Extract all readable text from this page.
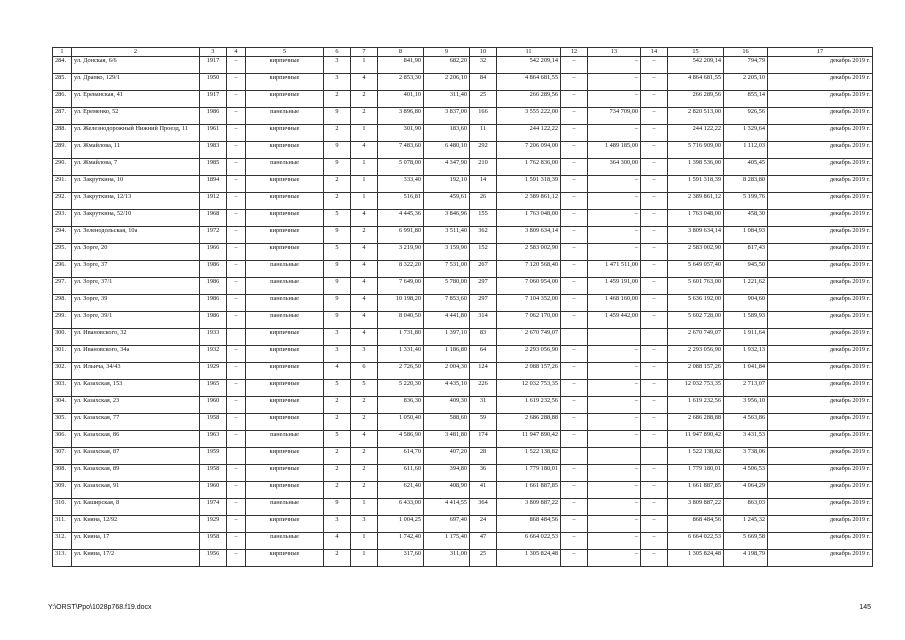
1	2	3	4	5	6	7	8	9	10	11	12	13	14	15	16	17
284.	ул. Донская, 6/6	1917	–	кирпичные	3	1	841,90	682,20	32	542 209,14	–	–	–	542 209,14	794,79	декабрь 2019 г.
285.	ул. Драпко, 129/1	1950	–	кирпичные	3	4	2 853,30	2 206,10	84	4 864 681,55	–	–	–	4 864 681,55	2 205,10	декабрь 2019 г.
286.	ул. Ереванская, 41	1917	–	кирпичные	2	2	401,10	311,40	25	266 289,56	–	–	–	266 289,56	855,14	декабрь 2019 г.
287.	ул. Еременко, 52	1986	–	панельные	9	2	3 896,80	3 837,00	166	3 555 222,00	–	734 709,00	–	2 820 513,00	926,56	декабрь 2019 г.
288.	ул. Железнодорожный Нижний Проезд, 11	1961	–	кирпичные	2	1	301,90	183,60	11	244 122,22	–	–	–	244 122,22	1 329,64	декабрь 2019 г.
289.	ул. Жмайлова, 11	1983	–	кирпичные	9	4	7 483,60	6 480,10	292	7 206 094,00	–	1 489 185,00	–	5 716 909,00	1 112,03	декабрь 2019 г.
290.	ул. Жмайлова, 7	1985	–	панельные	9	1	5 078,00	4 347,90	210	1 762 836,00	–	364 300,00	–	1 398 536,00	405,45	декабрь 2019 г.
291.	ул. Закруткина, 10	1894	–	кирпичные	2	1	333,40	192,10	14	1 591 318,39	–	–	–	1 591 318,39	8 283,80	декабрь 2019 г.
292.	ул. Закруткина, 12/13	1912	–	кирпичные	2	1	516,81	459,61	26	2 389 861,12	–	–	–	2 389 861,12	5 199,76	декабрь 2019 г.
293.	ул. Закруткина, 52/10	1968	–	кирпичные	5	4	4 445,36	3 846,96	155	1 763 048,00	–	–	–	1 763 048,00	458,30	декабрь 2019 г.
294.	ул. Зеленодольская, 10а	1972	–	кирпичные	9	2	6 991,80	3 511,40	362	3 809 634,14	–	–	–	3 809 634,14	1 084,93	декабрь 2019 г.
295.	ул. Зорге, 20	1966	–	кирпичные	5	4	3 219,90	3 159,90	152	2 583 002,90	–	–	–	2 583 002,90	817,43	декабрь 2019 г.
296.	ул. Зорге, 37	1986	–	панельные	9	4	8 322,20	7 531,00	267	7 120 568,40	–	1 471 511,00	–	5 649 057,40	945,50	декабрь 2019 г.
297.	ул. Зорге, 37/1	1986	–	панельные	9	4	7 649,00	5 780,00	297	7 060 954,00	–	1 459 191,00	–	5 601 763,00	1 221,62	декабрь 2019 г.
298.	ул. Зорге, 39	1986	–	панельные	9	4	10 198,20	7 853,60	297	7 104 352,00	–	1 468 160,00	–	5 636 192,00	904,60	декабрь 2019 г.
299.	ул. Зорге, 39/1	1986	–	панельные	9	4	8 040,50	4 441,80	314	7 062 170,00	–	1 459 442,00	–	5 602 728,00	1 589,93	декабрь 2019 г.
300.	ул. Ивановского, 32	1933		кирпичные	3	4	1 731,80	1 397,10	83	2 670 749,07				2 670 749,07	1 911,64	декабрь 2019 г.
301.	ул. Ивановского, 34а	1932	–	кирпичные	3	3	1 331,40	1 186,80	64	2 293 056,90	–	–	–	2 293 056,90	1 932,13	декабрь 2019 г.
302.	ул. Ильича, 34/43	1929	–	кирпичные	4	6	2 726,50	2 004,30	124	2 088 157,26	–	–	–	2 088 157,26	1 041,84	декабрь 2019 г.
303.	ул. Казахская, 153	1965	–	кирпичные	5	5	5 220,30	4 435,10	226	12 032 753,35	–	–	–	12 032 753,35	2 713,07	декабрь 2019 г.
304.	ул. Казахская, 23	1960	–	кирпичные	2	2	836,30	409,30	31	1 619 232,56	–	–	–	1 619 232,56	3 956,10	декабрь 2019 г.
305.	ул. Казахская, 77	1958	–	кирпичные	2	2	1 050,40	588,60	59	2 686 288,88	–	–	–	2 686 288,88	4 563,86	декабрь 2019 г.
306.	ул. Казахская, 86	1963	–	панельные	5	4	4 586,90	3 481,80	174	11 947 890,42	–	–	–	11 947 890,42	3 431,53	декабрь 2019 г.
307.	ул. Казахская, 87	1959		кирпичные	2	2	614,70	407,20	28	1 522 138,82				1 522 138,82	3 738,06	декабрь 2019 г.
308.	ул. Казахская, 89	1958	–	кирпичные	2	2	611,60	394,80	36	1 779 180,01	–	–	–	1 779 180,01	4 506,53	декабрь 2019 г.
309.	ул. Казахская, 91	1960	–	кирпичные	2	2	621,40	408,90	41	1 661 887,85	–	–	–	1 661 887,85	4 064,29	декабрь 2019 г.
310.	ул. Каширская, 8	1974	–	панельные	9	1	6 433,00	4 414,55	364	3 809 887,22	–	–	–	3 809 887,22	863,03	декабрь 2019 г.
311.	ул. Кияна, 12/92	1929	–	кирпичные	3	3	1 004,25	697,40	24	868 484,56	–	–	–	868 484,56	1 245,32	декабрь 2019 г.
312.	ул. Кияна, 17	1958	–	панельные	4	1	1 742,40	1 175,40	47	6 664 022,53	–	–	–	6 664 022,53	5 669,58	декабрь 2019 г.
313.	ул. Кияна, 17/2	1956	–	кирпичные	2	1	317,60	311,00	25	1 305 824,48	–	–	–	1 305 824,48	4 198,79	декабрь 2019 г.
Y:\ORST\Ppo\1028p768.f19.docx	145
